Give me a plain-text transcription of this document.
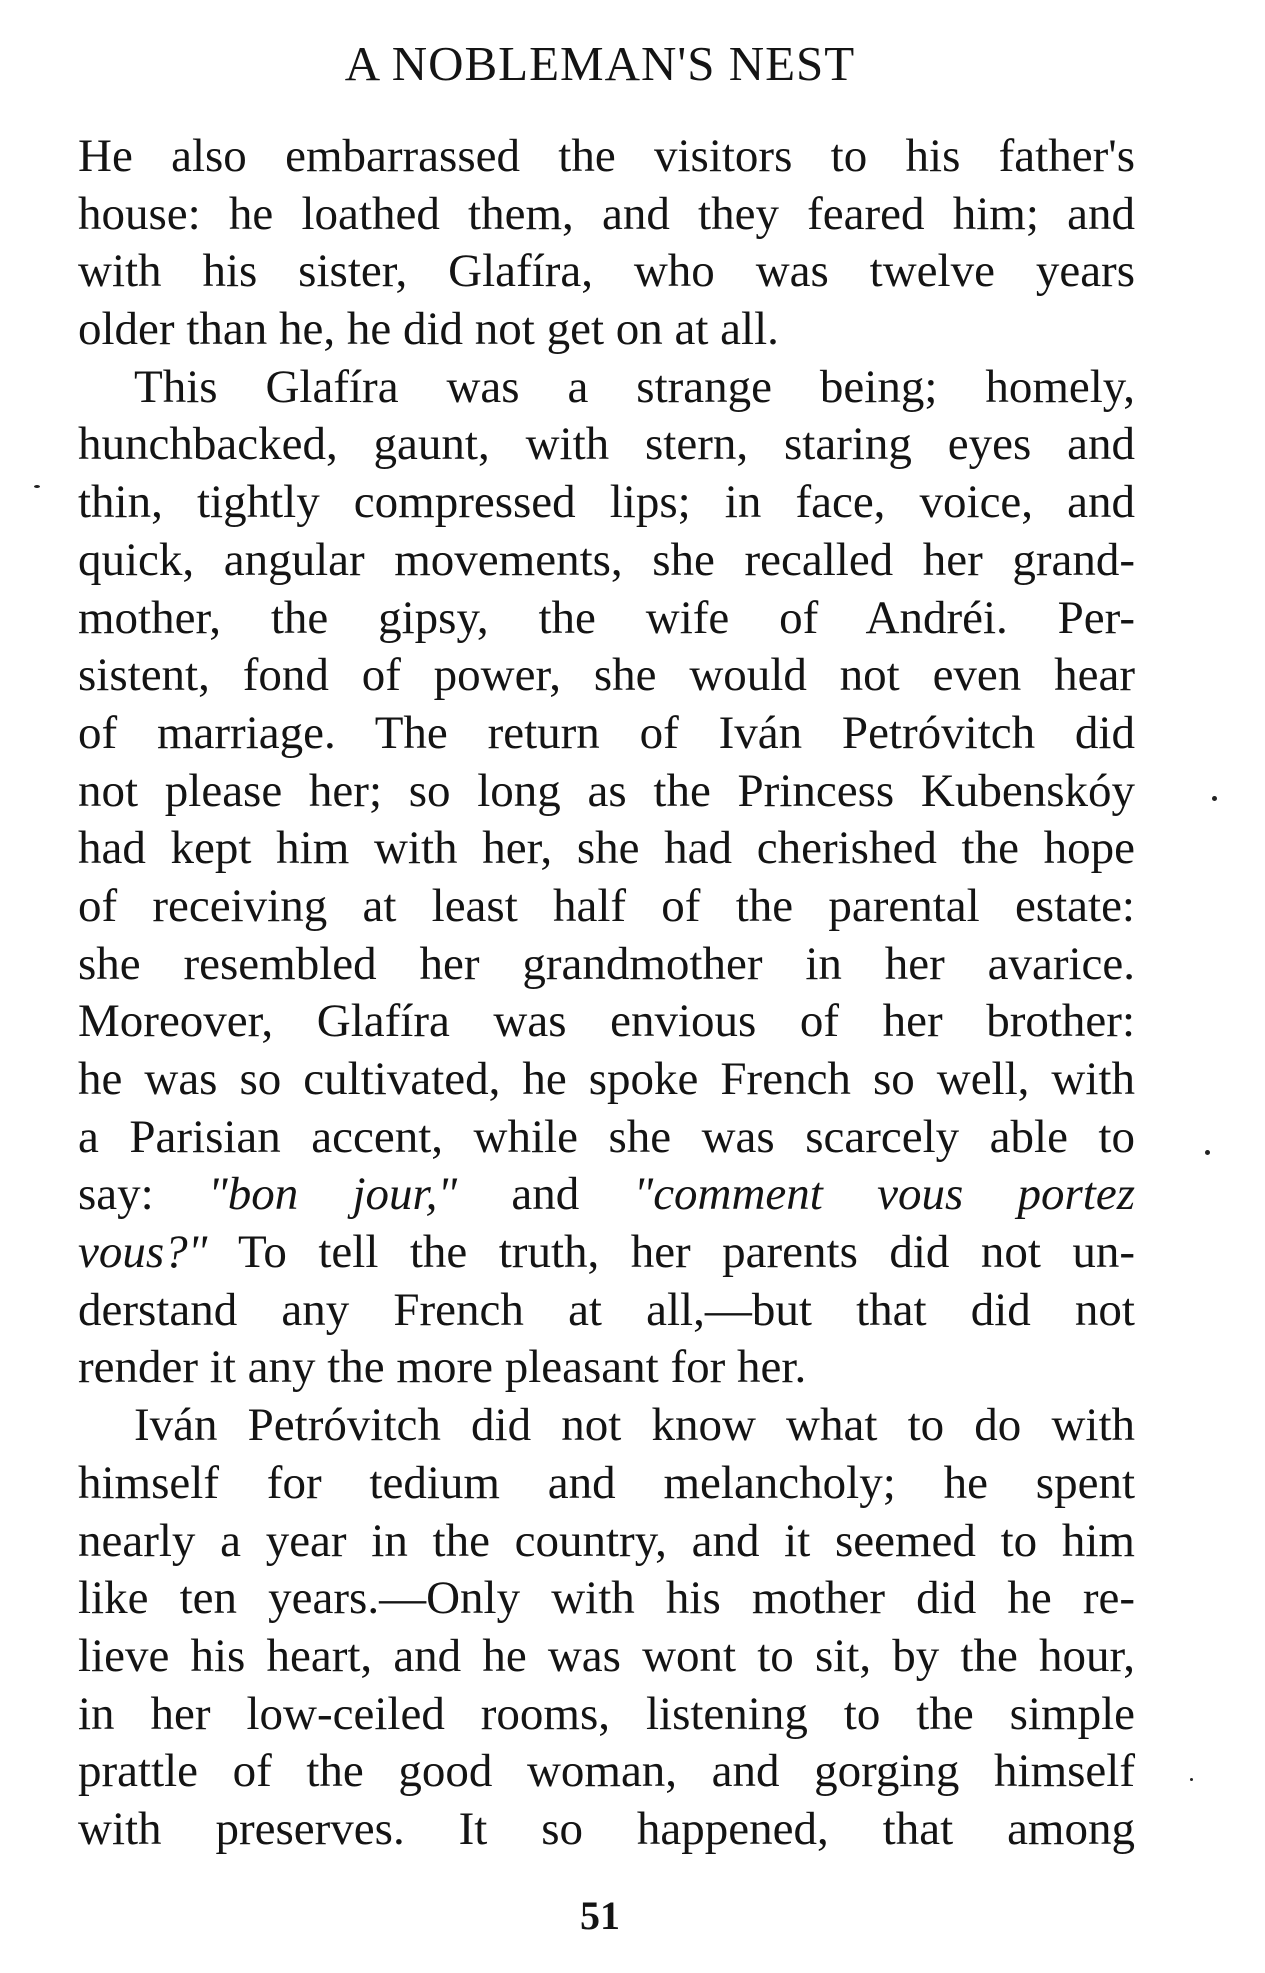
A NOBLEMAN'S NEST
He also embarrassed the visitors to his father's
house: he loathed them, and they feared him; and
with his sister, Glafíra, who was twelve years
older than he, he did not get on at all.
This Glafíra was a strange being; homely,
hunchbacked, gaunt, with stern, staring eyes and
thin, tightly compressed lips; in face, voice, and
quick, angular movements, she recalled her grand-
mother, the gipsy, the wife of Andréi. Per-
sistent, fond of power, she would not even hear
of marriage. The return of Iván Petróvitch did
not please her; so long as the Princess Kubenskóy
had kept him with her, she had cherished the hope
of receiving at least half of the parental estate:
she resembled her grandmother in her avarice.
Moreover, Glafíra was envious of her brother:
he was so cultivated, he spoke French so well, with
a Parisian accent, while she was scarcely able to
say: "bon jour," and "comment vous portez
vous?" To tell the truth, her parents did not un-
derstand any French at all,—but that did not
render it any the more pleasant for her.
Iván Petróvitch did not know what to do with
himself for tedium and melancholy; he spent
nearly a year in the country, and it seemed to him
like ten years.—Only with his mother did he re-
lieve his heart, and he was wont to sit, by the hour,
in her low-ceiled rooms, listening to the simple
prattle of the good woman, and gorging himself
with preserves. It so happened, that among
51
